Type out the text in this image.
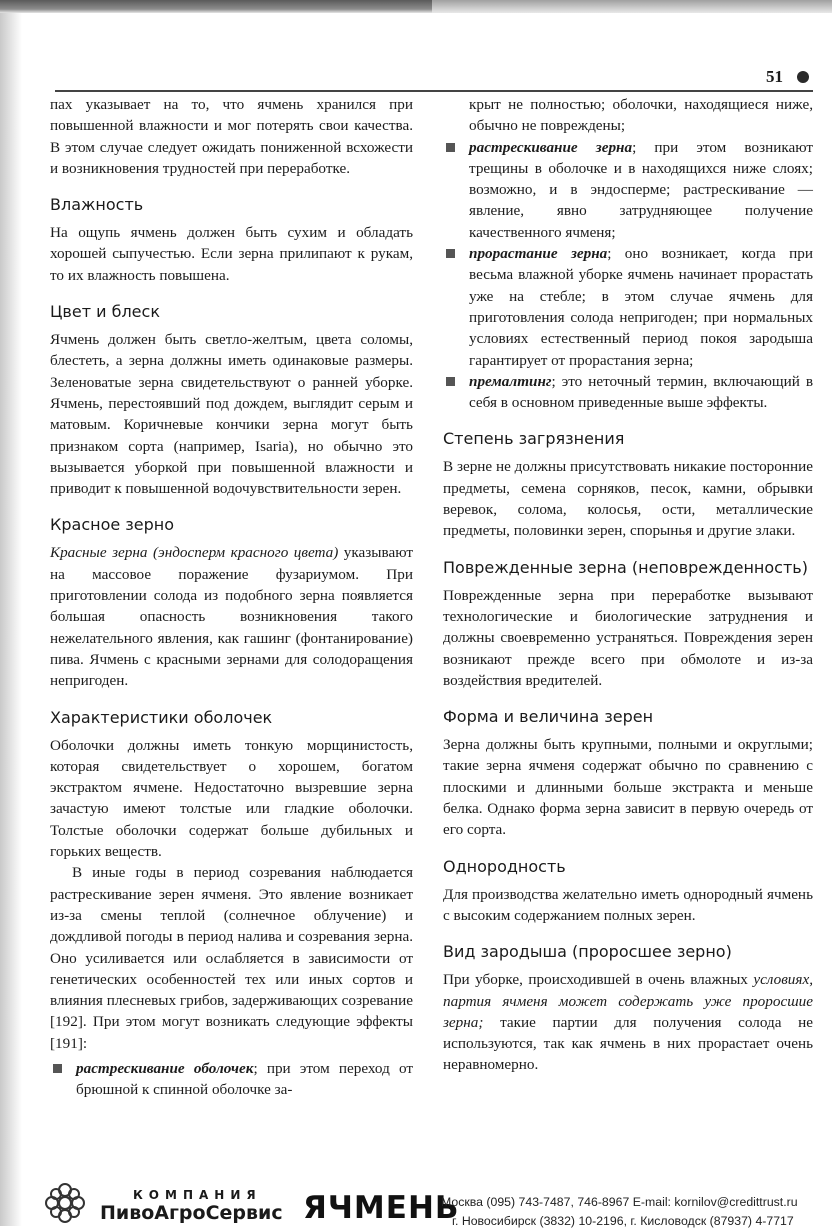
51

пах указывает на то, что ячмень хранился при повышенной влажности и мог потерять свои качества. В этом случае следует ожидать пониженной всхожести и возникновения трудностей при переработке.

Влажность

На ощупь ячмень должен быть сухим и обладать хорошей сыпучестью. Если зерна прилипают к рукам, то их влажность повышена.

Цвет и блеск

Ячмень должен быть светло-желтым, цвета соломы, блестеть, а зерна должны иметь одинаковые размеры. Зеленоватые зерна свидетельствуют о ранней уборке. Ячмень, перестоявший под дождем, выглядит серым и матовым. Коричневые кончики зерна могут быть признаком сорта (например, Isaria), но обычно это вызывается уборкой при повышенной влажности и приводит к повышенной водочувствительности зерен.

Красное зерно

Красные зерна (эндосперм красного цвета) указывают на массовое поражение фузариумом. При приготовлении солода из подобного зерна появляется большая опасность возникновения такого нежелательного явления, как гашинг (фонтанирование) пива. Ячмень с красными зернами для солодоращения непригоден.

Характеристики оболочек

Оболочки должны иметь тонкую морщинистость, которая свидетельствует о хорошем, богатом экстрактом ячмене. Недостаточно вызревшие зерна зачастую имеют толстые или гладкие оболочки. Толстые оболочки содержат больше дубильных и горьких веществ.

В иные годы в период созревания наблюдается растрескивание зерен ячменя. Это явление возникает из-за смены теплой (солнечное облучение) и дождливой погоды в период налива и созревания зерна. Оно усиливается или ослабляется в зависимости от генетических особенностей тех или иных сортов и влияния плесневых грибов, задерживающих созревание [192]. При этом могут возникать следующие эффекты [191]:

растрескивание оболочек; при этом переход от брюшной к спинной оболочке за-

крыт не полностью; оболочки, находящиеся ниже, обычно не повреждены;

растрескивание зерна; при этом возникают трещины в оболочке и в находящихся ниже слоях; возможно, и в эндосперме; растрескивание — явление, явно затрудняющее получение качественного ячменя;
прорастание зерна; оно возникает, когда при весьма влажной уборке ячмень начинает прорастать уже на стебле; в этом случае ячмень для приготовления солода непригоден; при нормальных условиях естественный период покоя зародыша гарантирует от прорастания зерна;
премалтинг; это неточный термин, включающий в себя в основном приведенные выше эффекты.
Степень загрязнения

В зерне не должны присутствовать никакие посторонние предметы, семена сорняков, песок, камни, обрывки веревок, солома, колосья, ости, металлические предметы, половинки зерен, спорынья и другие злаки.

Поврежденные зерна (неповрежденность)

Поврежденные зерна при переработке вызывают технологические и биологические затруднения и должны своевременно устраняться. Повреждения зерен возникают прежде всего при обмолоте и из-за воздействия вредителей.

Форма и величина зерен

Зерна должны быть крупными, полными и округлыми; такие зерна ячменя содержат обычно по сравнению с плоскими и длинными больше экстракта и меньше белка. Однако форма зерна зависит в первую очередь от его сорта.

Однородность

Для производства желательно иметь однородный ячмень с высоким содержанием полных зерен.

Вид зародыша (проросшее зерно)

При уборке, происходившей в очень влажных условиях, партия ячменя может содержать уже проросшие зерна; такие партии для получения солода не используются, так как ячмень в них прорастает очень неравномерно.

КОМПАНИЯ
ПивоАгроСервис ЯЧМЕНЬ
Москва (095) 743-7487, 746-8967 E-mail: kornilov@credittrust.ru
г. Новосибирск (3832) 10-2196, г. Кисловодск (87937) 4-7717
